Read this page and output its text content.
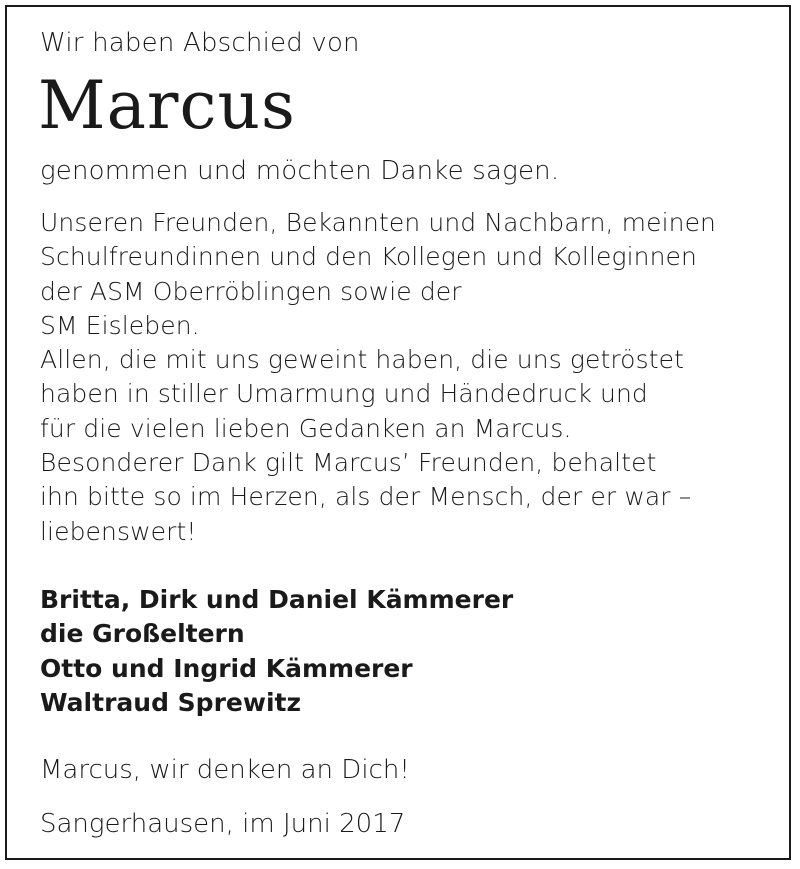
Wir haben Abschied von

Marcus

genommen und möchten Danke sagen.

Unseren Freunden, Bekannten und Nachbarn, meinen
Schulfreundinnen und den Kollegen und Kolleginnen
der ASM Oberröblingen sowie der
SM Eisleben.
Allen, die mit uns geweint haben, die uns getröstet
haben in stiller Umarmung und Händedruck und
für die vielen lieben Gedanken an Marcus.
Besonderer Dank gilt Marcus’ Freunden, behaltet
ihn bitte so im Herzen, als der Mensch, der er war –
liebenswert!
Britta, Dirk und Daniel Kämmerer
die Großeltern
Otto und Ingrid Kämmerer
Waltraud Sprewitz

Marcus, wir denken an Dich!

Sangerhausen, im Juni 2017
